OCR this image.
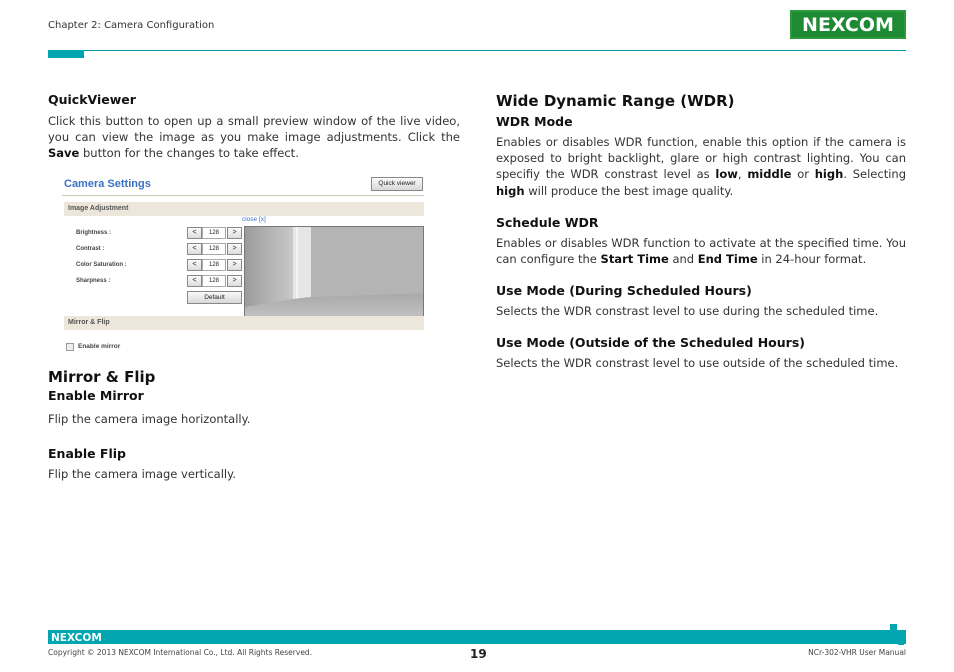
Chapter 2: Camera Configuration	NEXCOM
QuickViewer
Click this button to open up a small preview window of the live video, you can view the image as you make image adjustments. Click the Save button for the changes to take effect.
Camera Settings	Quick viewer
Image Adjustment
close [x]
Brightness :	<	128	>
Contrast :	<	128	>
Color Saturation :	<	128	>
Sharpness :	<	128	>
Default
Mirror & Flip
Enable mirror
Mirror & Flip
Enable Mirror
Flip the camera image horizontally.
Enable Flip
Flip the camera image vertically.
Wide Dynamic Range (WDR)
WDR Mode
Enables or disables WDR function, enable this option if the camera is exposed to bright backlight, glare or high contrast lighting. You can specifiy the WDR constrast level as low, middle or high. Selecting high will produce the best image quality.
Schedule WDR
Enables or disables WDR function to activate at the specified time. You can configure the Start Time and End Time in 24-hour format.
Use Mode (During Scheduled Hours)
Selects the WDR constrast level to use during the scheduled time.
Use Mode (Outside of the Scheduled Hours)
Selects the WDR constrast level to use outside of the scheduled time.
NEXCOM
Copyright © 2013 NEXCOM International Co., Ltd. All Rights Reserved.	19	NCr-302-VHR User Manual
